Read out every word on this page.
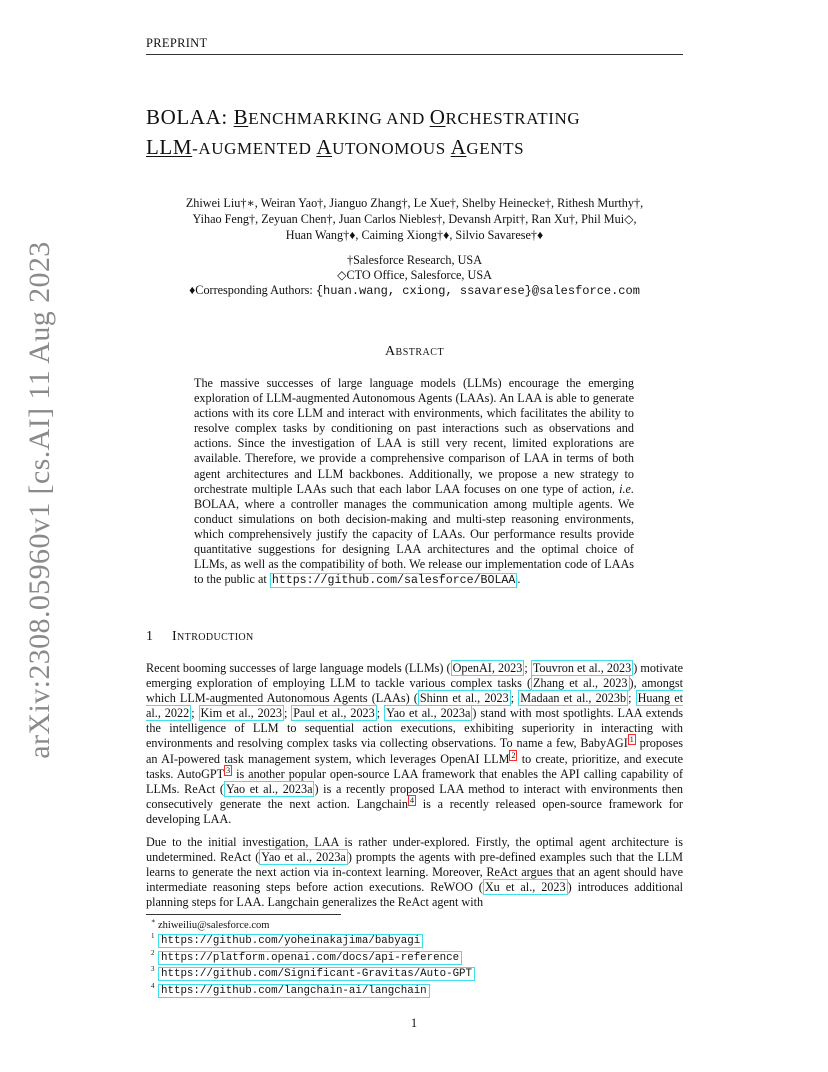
PREPRINT
arXiv:2308.05960v1 [cs.AI] 11 Aug 2023
BOLAA: BENCHMARKING AND ORCHESTRATING
LLM-AUGMENTED AUTONOMOUS AGENTS
Zhiwei Liu†∗, Weiran Yao†, Jianguo Zhang†, Le Xue†, Shelby Heinecke†, Rithesh Murthy†,
Yihao Feng†, Zeyuan Chen†, Juan Carlos Niebles†, Devansh Arpit†, Ran Xu†, Phil Mui◇,
Huan Wang†♦, Caiming Xiong†♦, Silvio Savarese†♦
†Salesforce Research, USA
◇CTO Office, Salesforce, USA
♦Corresponding Authors: {huan.wang, cxiong, ssavarese}@salesforce.com
Abstract
The massive successes of large language models (LLMs) encourage the emerging exploration of LLM-augmented Autonomous Agents (LAAs). An LAA is able to generate actions with its core LLM and interact with environments, which facilitates the ability to resolve complex tasks by conditioning on past interactions such as observations and actions. Since the investigation of LAA is still very recent, limited explorations are available. Therefore, we provide a comprehensive comparison of LAA in terms of both agent architectures and LLM backbones. Additionally, we propose a new strategy to orchestrate multiple LAAs such that each labor LAA focuses on one type of action, i.e. BOLAA, where a controller manages the communication among multiple agents. We conduct simulations on both decision-making and multi-step reasoning environments, which comprehensively justify the capacity of LAAs. Our performance results provide quantitative suggestions for designing LAA architectures and the optimal choice of LLMs, as well as the compatibility of both. We release our implementation code of LAAs to the public at https://github.com/salesforce/BOLAA .
1 Introduction
Recent booming successes of large language models (LLMs) ( OpenAI, 2023 ; Touvron et al., 2023 ) motivate emerging exploration of employing LLM to tackle various complex tasks ( Zhang et al., 2023 ), amongst which LLM-augmented Autonomous Agents (LAAs) ( Shinn et al., 2023 ; Madaan et al., 2023b ; Huang et al., 2022 ; Kim et al., 2023 ; Paul et al., 2023 ; Yao et al., 2023a ) stand with most spotlights. LAA extends the intelligence of LLM to sequential action executions, exhibiting superiority in interacting with environments and resolving complex tasks via collecting observations. To name a few, BabyAGI $^1$ proposes an AI-powered task management system, which leverages OpenAI LLM $^2$ to create, prioritize, and execute tasks. AutoGPT $^3$ is another popular open-source LAA framework that enables the API calling capability of LLMs. ReAct ( Yao et al., 2023a ) is a recently proposed LAA method to interact with environments then consecutively generate the next action. Langchain $^4$ is a recently released open-source framework for developing LAA.
Due to the initial investigation, LAA is rather under-explored. Firstly, the optimal agent architecture is undetermined. ReAct ( Yao et al., 2023a ) prompts the agents with pre-defined examples such that the LLM learns to generate the next action via in-context learning. Moreover, ReAct argues that an agent should have intermediate reasoning steps before action executions. ReWOO ( Xu et al., 2023 ) introduces additional planning steps for LAA. Langchain generalizes the ReAct agent with
∗ zhiweiliu@salesforce.com
1 https://github.com/yoheinakajima/babyagi
2 https://platform.openai.com/docs/api-reference
3 https://github.com/Significant-Gravitas/Auto-GPT
4 https://github.com/langchain-ai/langchain
1
